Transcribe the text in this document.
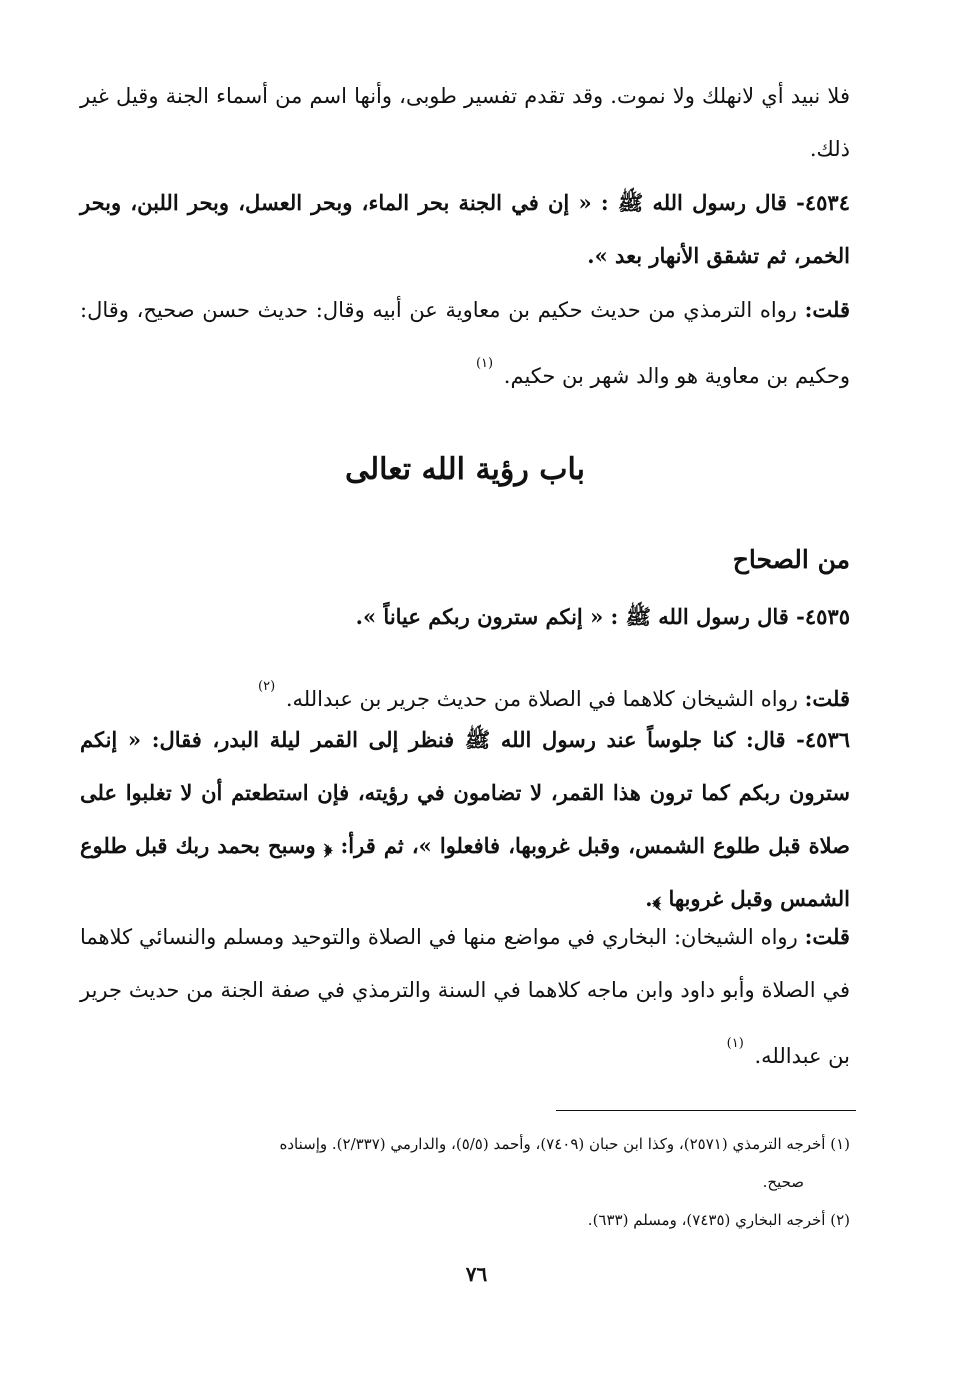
فلا نبيد أي لانهلك ولا نموت. وقد تقدم تفسير طوبى، وأنها اسم من أسماء الجنة وقيل غير ذلك.

٤٥٣٤- قال رسول الله ﷺ : « إن في الجنة بحر الماء، وبحر العسل، وبحر اللبن، وبحر الخمر، ثم تشقق الأنهار بعد ».

قلت: رواه الترمذي من حديث حكيم بن معاوية عن أبيه وقال: حديث حسن صحيح، وقال: وحكيم بن معاوية هو والد شهر بن حكيم. $^{(١)}$

باب رؤية الله تعالى
من الصحاح

٤٥٣٥- قال رسول الله ﷺ : « إنكم سترون ربكم عياناً ».

قلت: رواه الشيخان كلاهما في الصلاة من حديث جرير بن عبدالله. $^{(٢)}$

٤٥٣٦- قال: كنا جلوساً عند رسول الله ﷺ فنظر إلى القمر ليلة البدر، فقال: « إنكم سترون ربكم كما ترون هذا القمر، لا تضامون في رؤيته، فإن استطعتم أن لا تغلبوا على صلاة قبل طلوع الشمس، وقبل غروبها، فافعلوا »، ثم قرأ: ﴿ وسبح بحمد ربك قبل طلوع الشمس وقبل غروبها ﴾.

قلت: رواه الشيخان: البخاري في مواضع منها في الصلاة والتوحيد ومسلم والنسائي كلاهما في الصلاة وأبو داود وابن ماجه كلاهما في السنة والترمذي في صفة الجنة من حديث جرير بن عبدالله. $^{(١)}$

(١) أخرجه الترمذي (٢٥٧١)، وكذا ابن حبان (٧٤٠٩)، وأحمد (٥/٥)، والدارمي (٢/٣٣٧). وإسناده

صحيح.

(٢) أخرجه البخاري (٧٤٣٥)، ومسلم (٦٣٣).

٧٦
